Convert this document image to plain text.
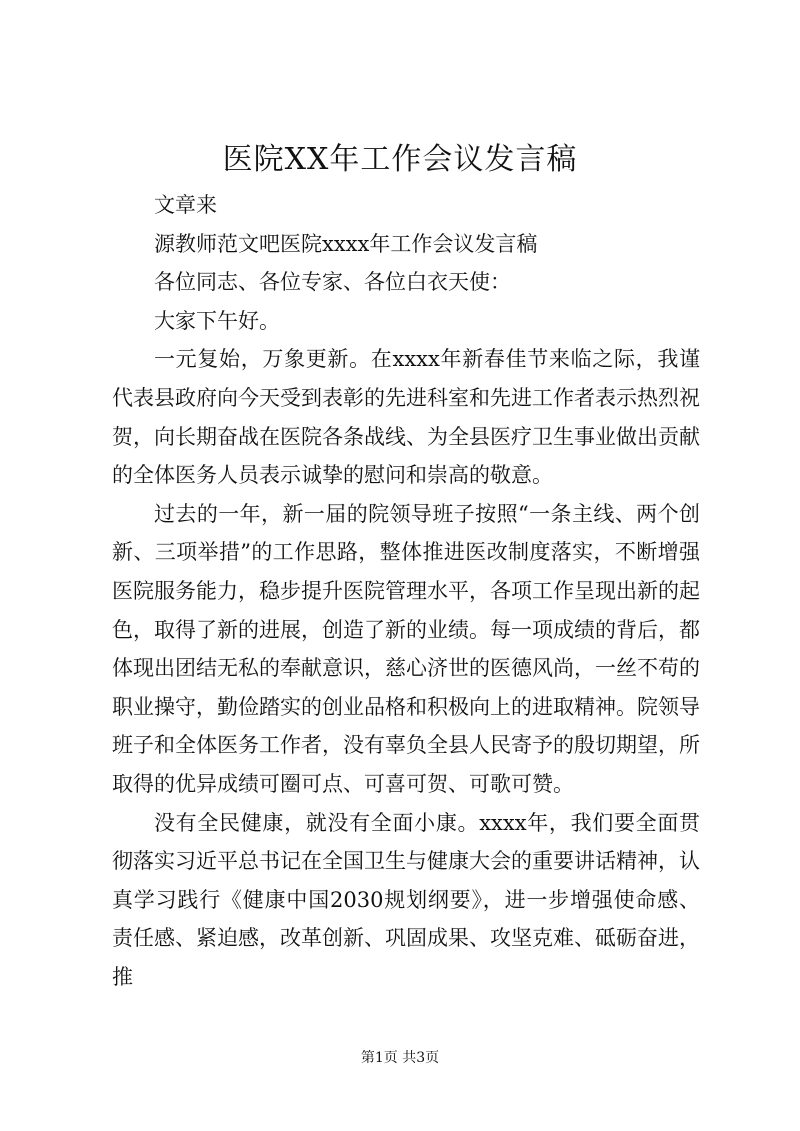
医院XX年工作会议发言稿

文章来

源教师范文吧医院xxxx年工作会议发言稿

各位同志、各位专家、各位白衣天使：

大家下午好。

一元复始，万象更新。在xxxx年新春佳节来临之际，我谨代表县政府向今天受到表彰的先进科室和先进工作者表示热烈祝贺，向长期奋战在医院各条战线、为全县医疗卫生事业做出贡献的全体医务人员表示诚挚的慰问和崇高的敬意。

过去的一年，新一届的院领导班子按照“一条主线、两个创新、三项举措”的工作思路，整体推进医改制度落实，不断增强医院服务能力，稳步提升医院管理水平，各项工作呈现出新的起色，取得了新的进展，创造了新的业绩。每一项成绩的背后，都体现出团结无私的奉献意识，慈心济世的医德风尚，一丝不苟的职业操守，勤俭踏实的创业品格和积极向上的进取精神。院领导班子和全体医务工作者，没有辜负全县人民寄予的殷切期望，所取得的优异成绩可圈可点、可喜可贺、可歌可赞。

没有全民健康，就没有全面小康。xxxx年，我们要全面贯彻落实习近平总书记在全国卫生与健康大会的重要讲话精神，认真学习践行《健康中国2030规划纲要》，进一步增强使命感、责任感、紧迫感，改革创新、巩固成果、攻坚克难、砥砺奋进，推

第1页 共3页
